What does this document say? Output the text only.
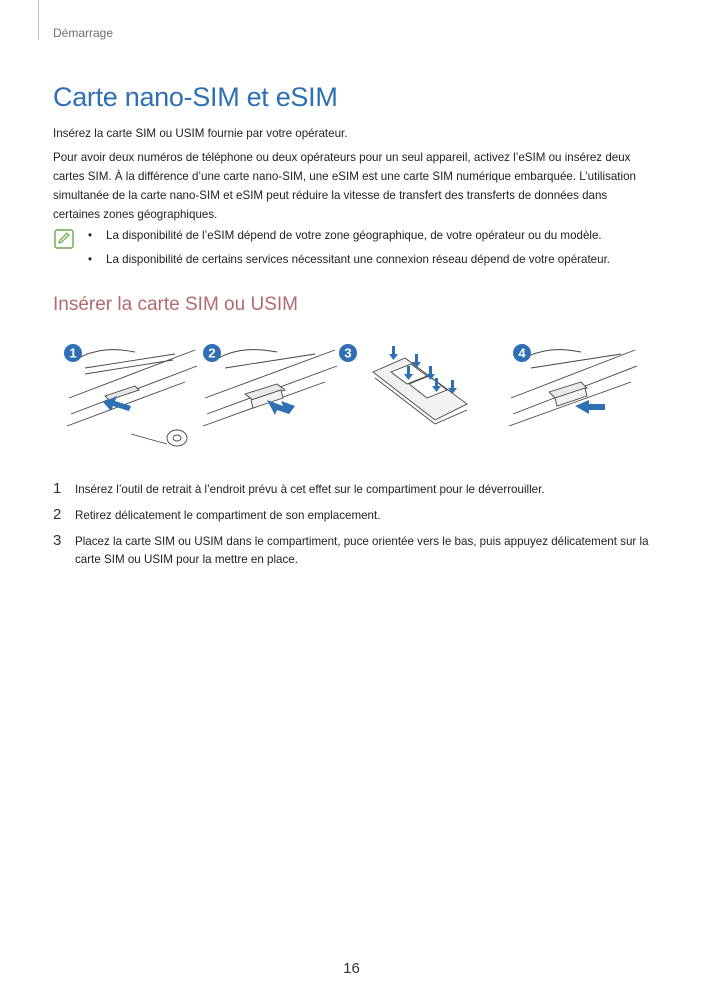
Démarrage
Carte nano-SIM et eSIM

Insérez la carte SIM ou USIM fournie par votre opérateur.

Pour avoir deux numéros de téléphone ou deux opérateurs pour un seul appareil, activez l’eSIM ou insérez deux cartes SIM. À la différence d’une carte nano-SIM, une eSIM est une carte SIM numérique embarquée. L’utilisation simultanée de la carte nano-SIM et eSIM peut réduire la vitesse de transfert des transferts de données dans certaines zones géographiques.

• La disponibilité de l’eSIM dépend de votre zone géographique, de votre opérateur ou du modèle.
• La disponibilité de certains services nécessitant une connexion réseau dépend de votre opérateur.
Insérer la carte SIM ou USIM
1	2	3	4
1 Insérez l’outil de retrait à l’endroit prévu à cet effet sur le compartiment pour le déverrouiller.
2 Retirez délicatement le compartiment de son emplacement.
3 Placez la carte SIM ou USIM dans le compartiment, puce orientée vers le bas, puis appuyez délicatement sur la carte SIM ou USIM pour la mettre en place.
16
